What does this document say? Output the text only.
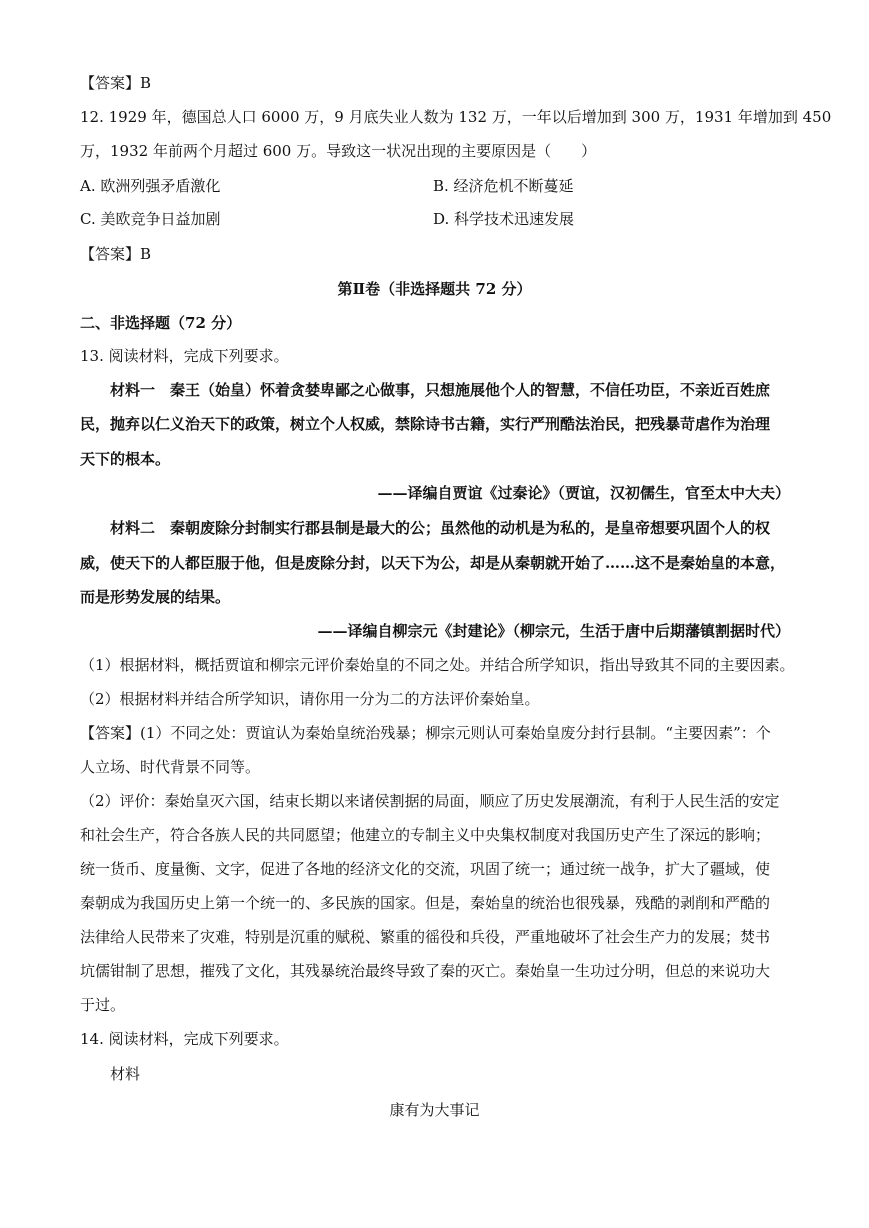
【答案】B
12. 1929 年，德国总人口 6000 万，9 月底失业人数为 132 万，一年以后增加到 300 万，1931 年增加到 450
万，1932 年前两个月超过 600 万。导致这一状况出现的主要原因是（　　）
A. 欧洲列强矛盾激化	B. 经济危机不断蔓延
C. 美欧竞争日益加剧	D. 科学技术迅速发展
【答案】B
第Ⅱ卷（非选择题共 72 分）
二、非选择题（72 分）
13. 阅读材料，完成下列要求。
材料一　秦王（始皇）怀着贪婪卑鄙之心做事，只想施展他个人的智慧，不信任功臣，不亲近百姓庶
民，抛弃以仁义治天下的政策，树立个人权威，禁除诗书古籍，实行严刑酷法治民，把残暴苛虐作为治理
天下的根本。
——译编自贾谊《过秦论》（贾谊，汉初儒生，官至太中大夫）
材料二　秦朝废除分封制实行郡县制是最大的公；虽然他的动机是为私的，是皇帝想要巩固个人的权
威，使天下的人都臣服于他，但是废除分封，以天下为公，却是从秦朝就开始了……这不是秦始皇的本意，
而是形势发展的结果。
——译编自柳宗元《封建论》（柳宗元，生活于唐中后期藩镇割据时代）
（1）根据材料，概括贾谊和柳宗元评价秦始皇的不同之处。并结合所学知识，指出导致其不同的主要因素。
（2）根据材料并结合所学知识，请你用一分为二的方法评价秦始皇。
【答案】(1）不同之处：贾谊认为秦始皇统治残暴；柳宗元则认可秦始皇废分封行县制。“主要因素”：个
人立场、时代背景不同等。
（2）评价：秦始皇灭六国，结束长期以来诸侯割据的局面，顺应了历史发展潮流，有利于人民生活的安定
和社会生产，符合各族人民的共同愿望；他建立的专制主义中央集权制度对我国历史产生了深远的影响；
统一货币、度量衡、文字，促进了各地的经济文化的交流，巩固了统一；通过统一战争，扩大了疆域，使
秦朝成为我国历史上第一个统一的、多民族的国家。但是，秦始皇的统治也很残暴，残酷的剥削和严酷的
法律给人民带来了灾难，特别是沉重的赋税、繁重的徭役和兵役，严重地破坏了社会生产力的发展；焚书
坑儒钳制了思想，摧残了文化，其残暴统治最终导致了秦的灭亡。秦始皇一生功过分明，但总的来说功大
于过。
14. 阅读材料，完成下列要求。
材料
康有为大事记
